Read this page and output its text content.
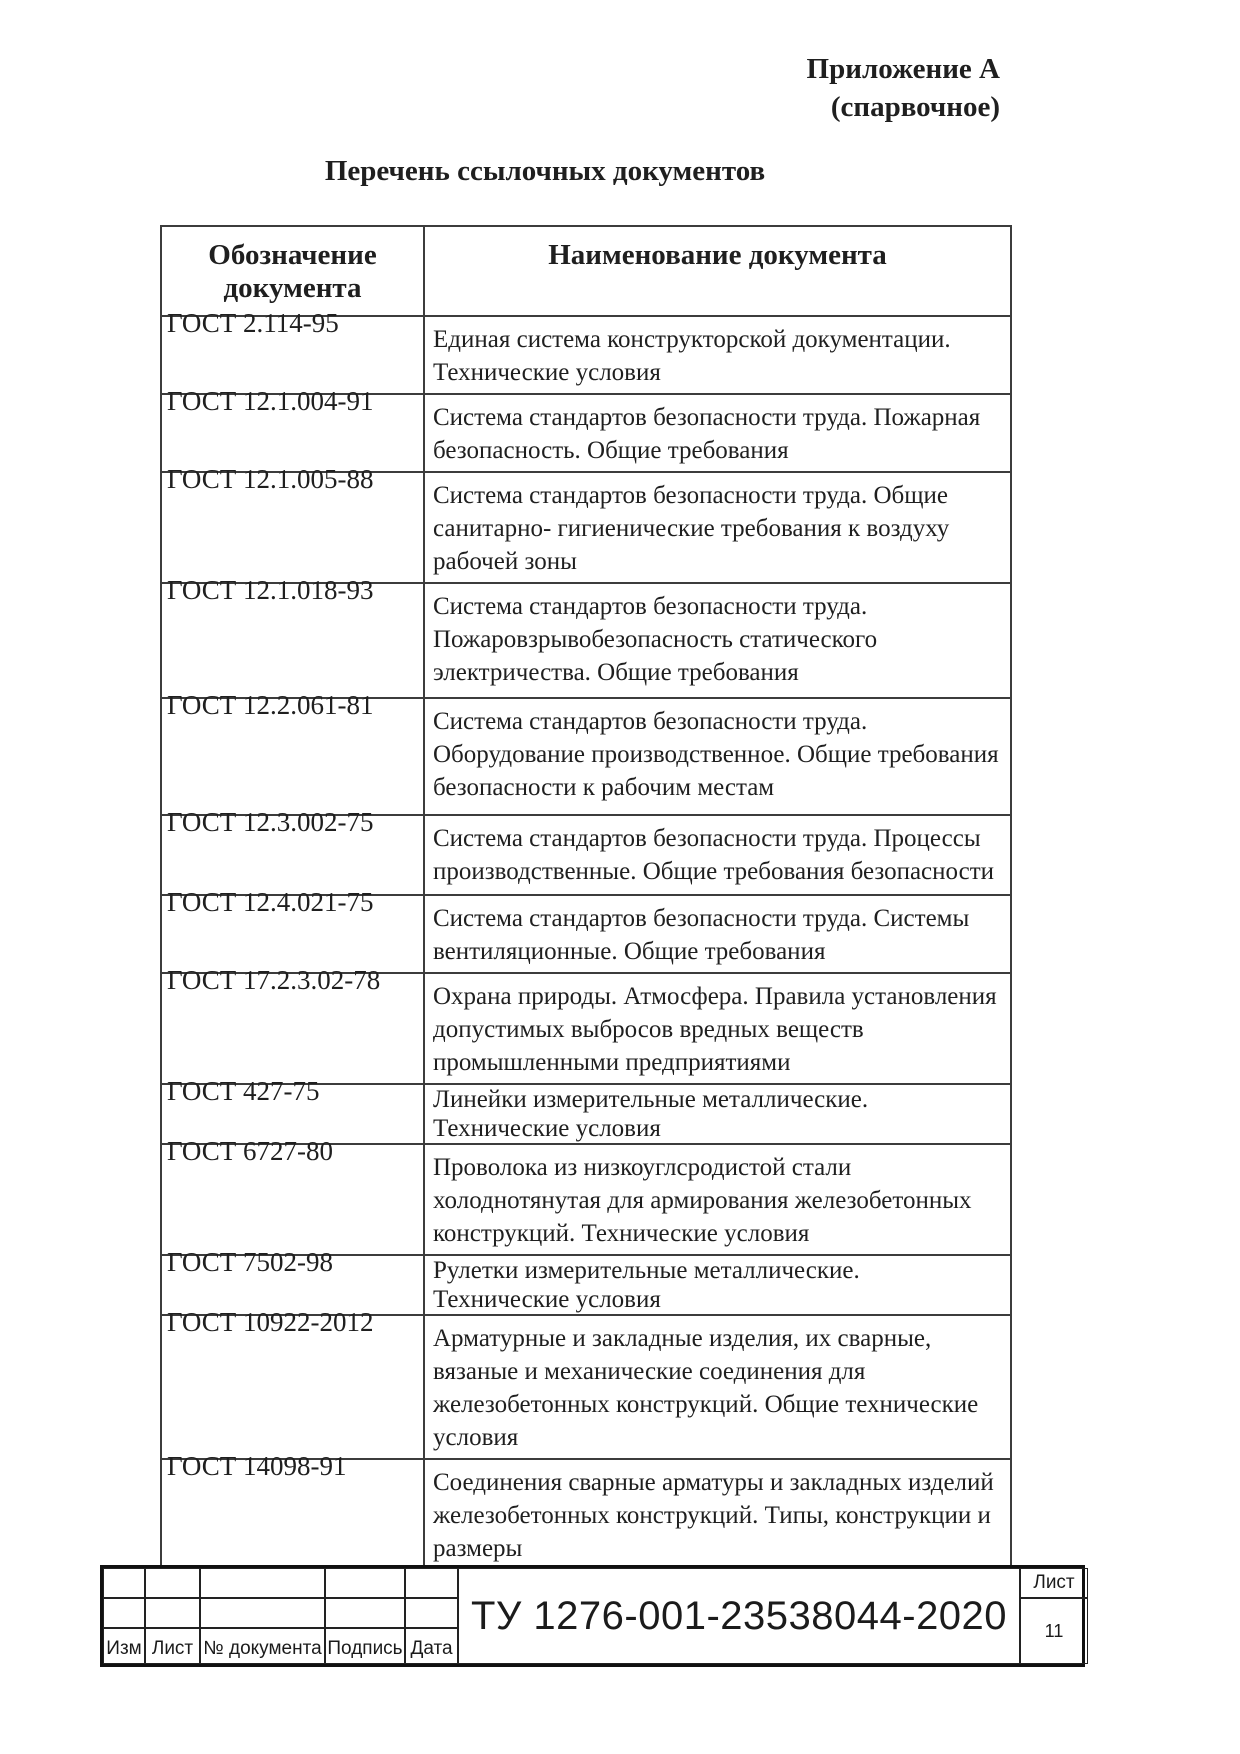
Приложение А
(спарвочное)
Перечень ссылочных документов
Обозначение документа	Наименование документа
ГОСТ 2.114-95	Единая система конструкторской документации. Технические условия
ГОСТ 12.1.004-91	Система стандартов безопасности труда. Пожарная безопасность. Общие требования
ГОСТ 12.1.005-88	Система стандартов безопасности труда. Общие санитарно- гигиенические требования к воздуху рабочей зоны
ГОСТ 12.1.018-93	Система стандартов безопасности труда. Пожаровзрывобезопасность статического электричества. Общие требования
ГОСТ 12.2.061-81	Система стандартов безопасности труда. Оборудование производственное. Общие требования безопасности к рабочим местам
ГОСТ 12.3.002-75	Система стандартов безопасности труда. Процессы производственные. Общие требования безопасности
ГОСТ 12.4.021-75	Система стандартов безопасности труда. Системы вентиляционные. Общие требования
ГОСТ 17.2.3.02-78	Охрана природы. Атмосфера. Правила установления допустимых выбросов вредных веществ промышленными предприятиями
ГОСТ 427-75	Линейки измерительные металлические. Технические условия
ГОСТ 6727-80	Проволока из низкоуглсродистой стали холоднотянутая для армирования железобетонных конструкций. Технические условия
ГОСТ 7502-98	Рулетки измерительные металлические. Технические условия
ГОСТ 10922-2012	Арматурные и закладные изделия, их сварные, вязаные и механические соединения для железобетонных конструкций. Общие технические условия
ГОСТ 14098-91	Соединения сварные арматуры и закладных изделий железобетонных конструкций. Типы, конструкции и размеры
ТУ 1276-001-23538044-2020
Лист
11
Изм Лист № документа Подпись Дата
